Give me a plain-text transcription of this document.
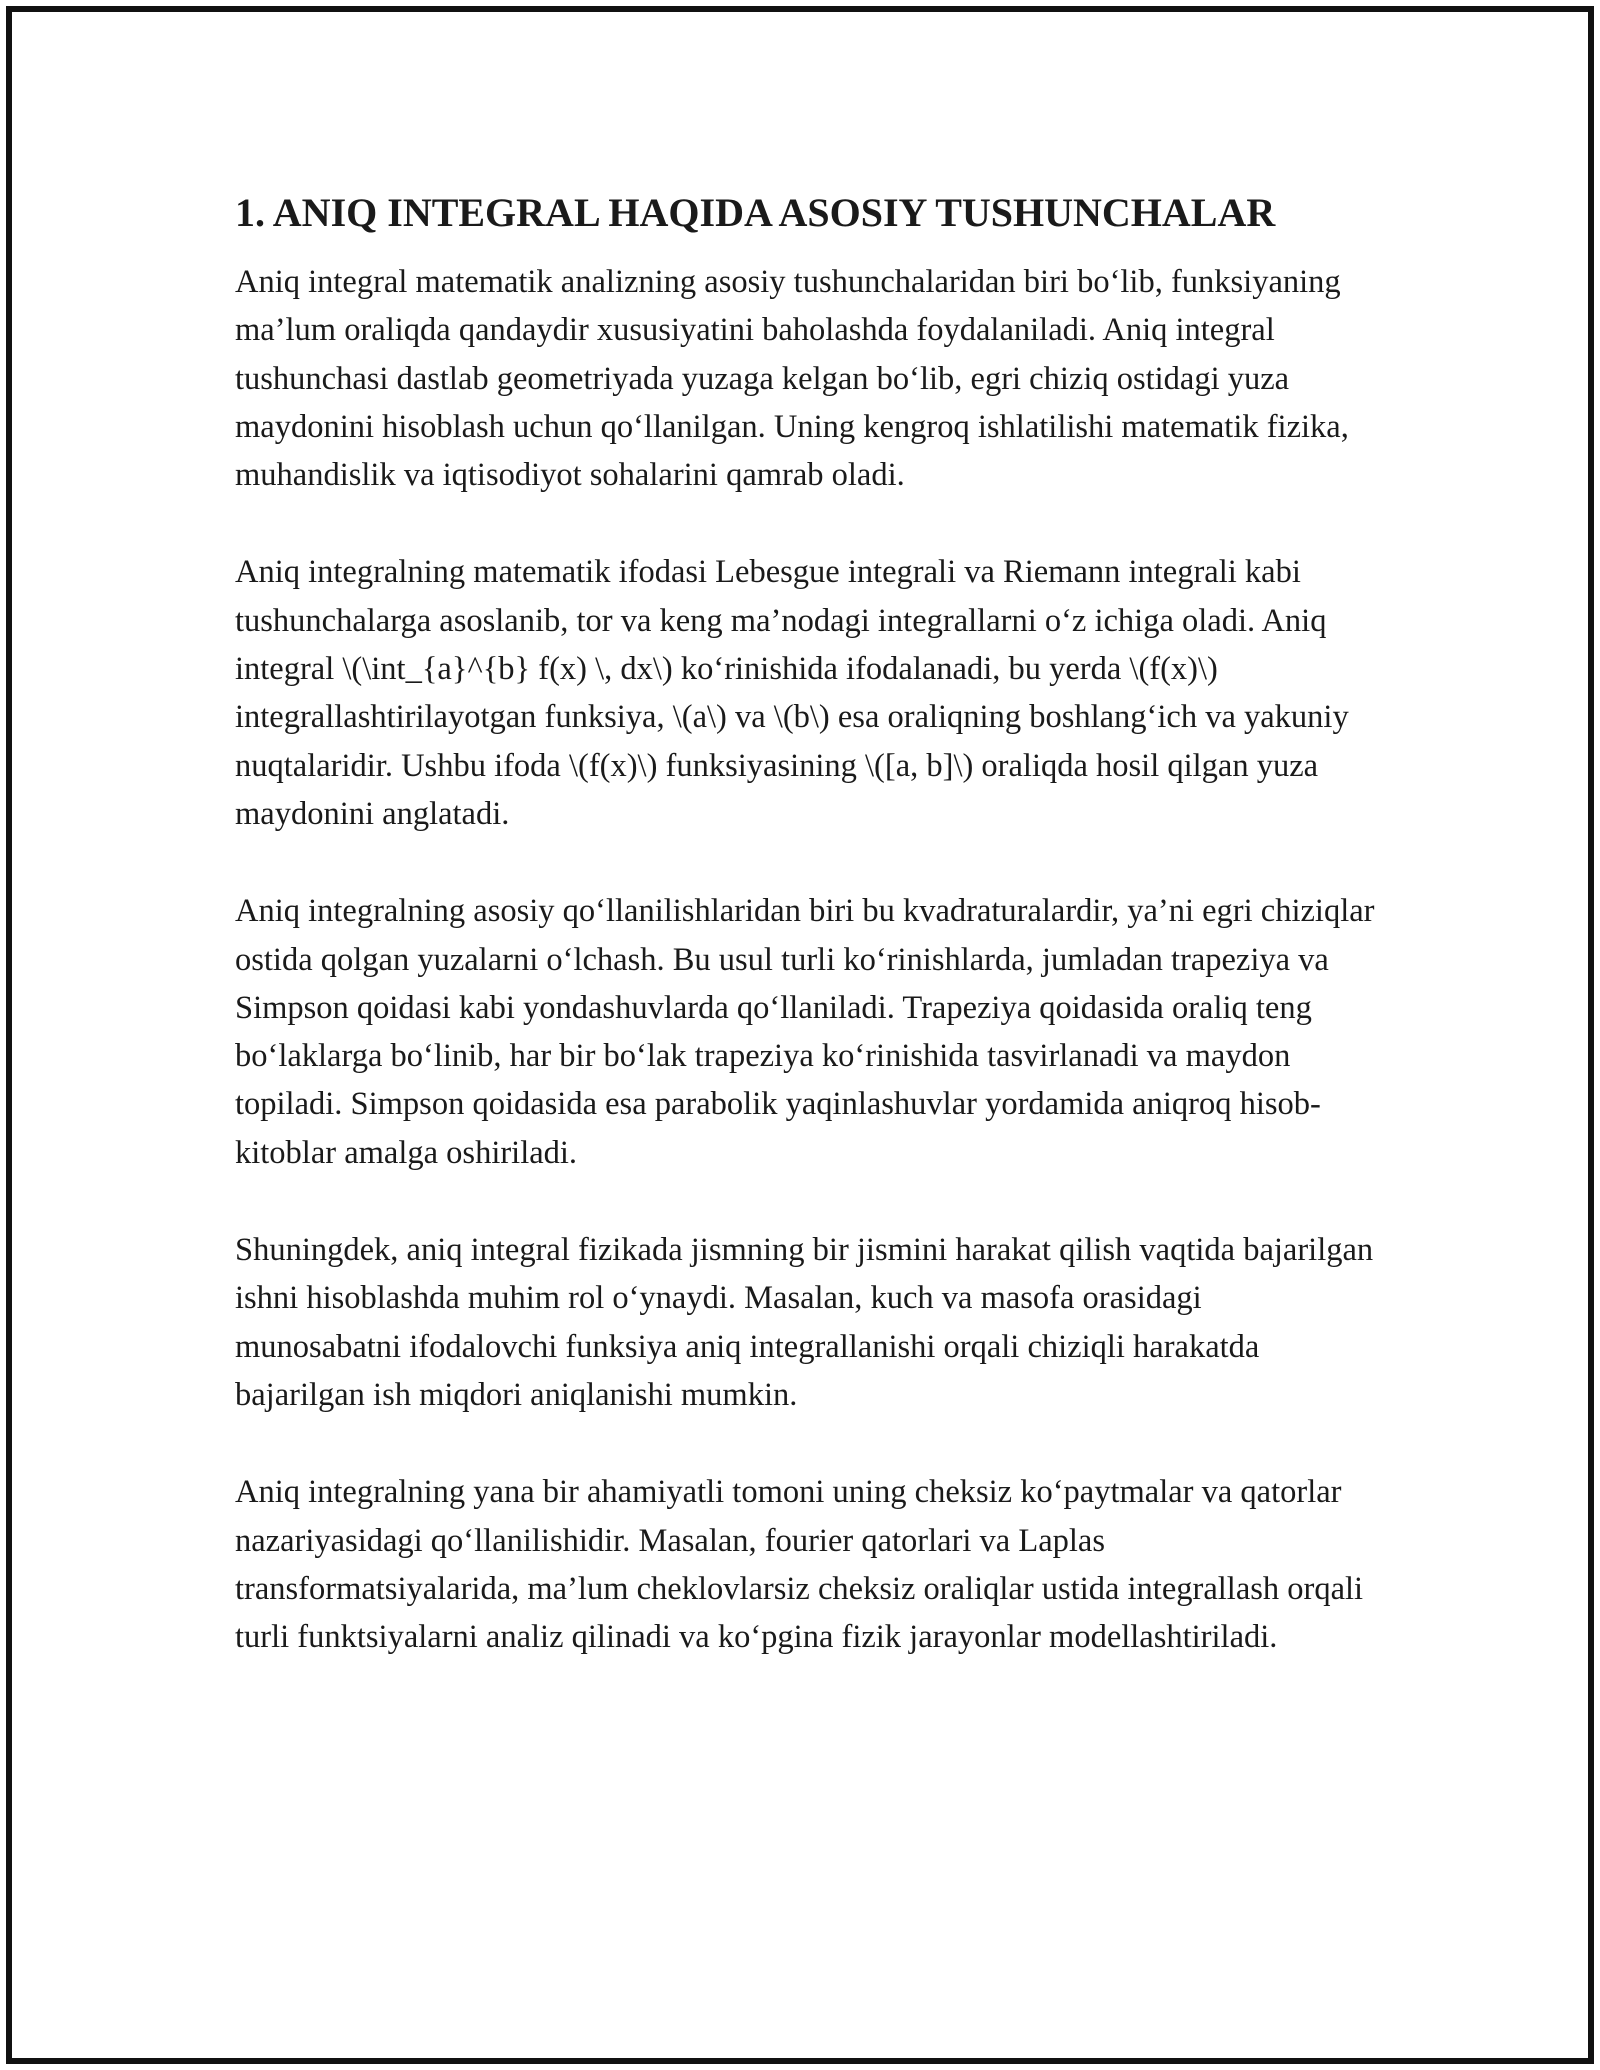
1. ANIQ INTEGRAL HAQIDA ASOSIY TUSHUNCHALAR

Aniq integral matematik analizning asosiy tushunchalaridan biri bo‘lib, funksiyaning ma’lum oraliqda qandaydir xususiyatini baholashda foydalaniladi. Aniq integral tushunchasi dastlab geometriyada yuzaga kelgan bo‘lib, egri chiziq ostidagi yuza maydonini hisoblash uchun qo‘llanilgan. Uning kengroq ishlatilishi matematik fizika, muhandislik va iqtisodiyot sohalarini qamrab oladi.

Aniq integralning matematik ifodasi Lebesgue integrali va Riemann integrali kabi tushunchalarga asoslanib, tor va keng ma’nodagi integrallarni o‘z ichiga oladi. Aniq integral \(\int_{a}^{b} f(x) \, dx\) ko‘rinishida ifodalanadi, bu yerda \(f(x)\) integrallashtirilayotgan funksiya, \(a\) va \(b\) esa oraliqning boshlang‘ich va yakuniy nuqtalaridir. Ushbu ifoda \(f(x)\) funksiyasining \([a, b]\) oraliqda hosil qilgan yuza maydonini anglatadi.

Aniq integralning asosiy qo‘llanilishlaridan biri bu kvadraturalardir, ya’ni egri chiziqlar ostida qolgan yuzalarni o‘lchash. Bu usul turli ko‘rinishlarda, jumladan trapeziya va Simpson qoidasi kabi yondashuvlarda qo‘llaniladi. Trapeziya qoidasida oraliq teng bo‘laklarga bo‘linib, har bir bo‘lak trapeziya ko‘rinishida tasvirlanadi va maydon topiladi. Simpson qoidasida esa parabolik yaqinlashuvlar yordamida aniqroq hisob-kitoblar amalga oshiriladi.

Shuningdek, aniq integral fizikada jismning bir jismini harakat qilish vaqtida bajarilgan ishni hisoblashda muhim rol o‘ynaydi. Masalan, kuch va masofa orasidagi munosabatni ifodalovchi funksiya aniq integrallanishi orqali chiziqli harakatda bajarilgan ish miqdori aniqlanishi mumkin.

Aniq integralning yana bir ahamiyatli tomoni uning cheksiz ko‘paytmalar va qatorlar nazariyasidagi qo‘llanilishidir. Masalan, fourier qatorlari va Laplas transformatsiyalarida, ma’lum cheklovlarsiz cheksiz oraliqlar ustida integrallash orqali turli funktsiyalarni analiz qilinadi va ko‘pgina fizik jarayonlar modellashtiriladi.
